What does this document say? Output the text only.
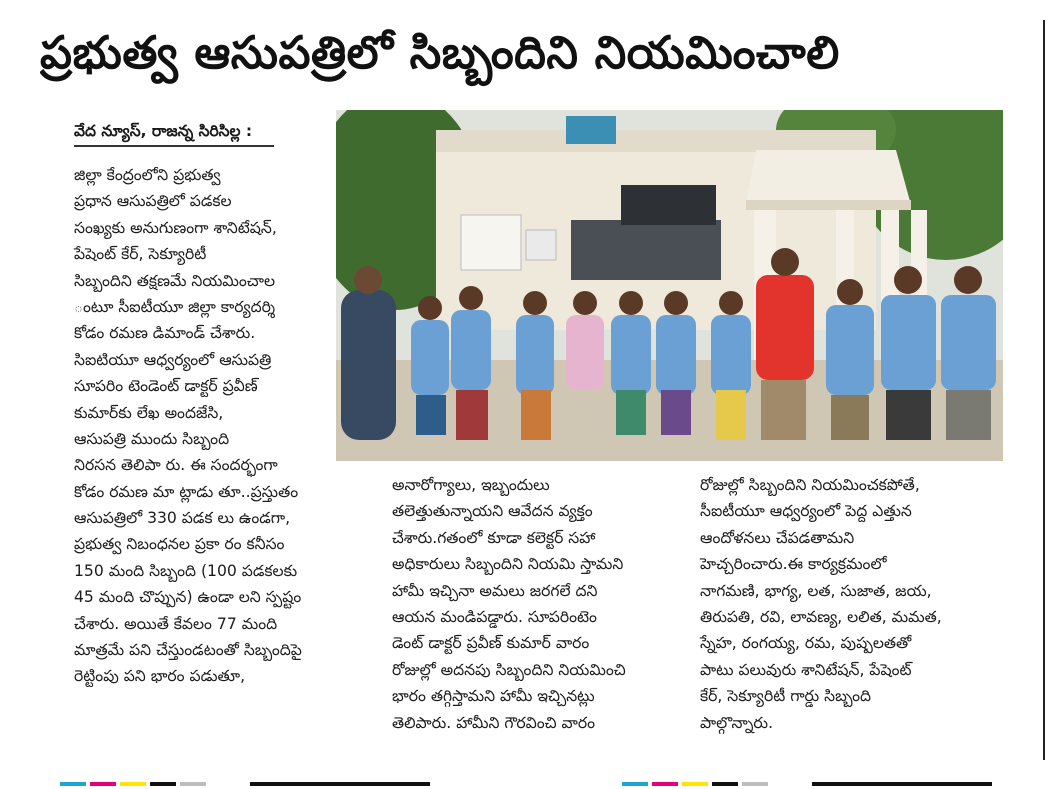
ప్రభుత్వ ఆసుపత్రిలో సిబ్బందిని నియమించాలి
వేద న్యూస్, రాజన్న సిరిసిల్ల :
జిల్లా కేంద్రంలోని ప్రభుత్వ
ప్రధాన ఆసుపత్రిలో పడకల
సంఖ్యకు అనుగుణంగా శానిటేషన్,
పేషెంట్ కేర్, సెక్యూరిటీ
సిబ్బందిని తక్షణమే నియమించాల
ంటూ సీఐటీయూ జిల్లా కార్యదర్శి
కోడం రమణ డిమాండ్ చేశారు.
సిఐటియూ ఆధ్వర్యంలో ఆసుపత్రి
సూపరిం టెండెంట్ డాక్టర్ ప్రవీణ్
కుమార్‌కు లేఖ అందజేసి,
ఆసుపత్రి ముందు సిబ్బంది
నిరసన తెలిపా రు. ఈ సందర్భంగా
కోడం రమణ మా ట్లాడు తూ..ప్రస్తుతం
ఆసుపత్రిలో 330 పడక లు ఉండగా,
ప్రభుత్వ నిబంధనల ప్రకా రం కనీసం
150 మంది సిబ్బంది (100 పడకలకు
45 మంది చొప్పున) ఉండా లని స్పష్టం
చేశారు. అయితే కేవలం 77 మంది
మాత్రమే పని చేస్తుండటంతో సిబ్బందిపై
రెట్టింపు పని భారం పడుతూ,
అనారోగ్యాలు, ఇబ్బందులు
తలెత్తుతున్నాయని ఆవేదన వ్యక్తం
చేశారు.గతంలో కూడా కలెక్టర్ సహా
అధికారులు సిబ్బందిని నియమి స్తామని
హామీ ఇచ్చినా అమలు జరగలే దని
ఆయన మండిపడ్డారు. సూపరింటెం
డెంట్ డాక్టర్ ప్రవీణ్ కుమార్ వారం
రోజుల్లో అదనపు సిబ్బందిని నియమించి
భారం తగ్గిస్తామని హామీ ఇచ్చినట్లు
తెలిపారు. హామీని గౌరవించి వారం
రోజుల్లో సిబ్బందిని నియమించకపోతే,
సీఐటీయూ ఆధ్వర్యంలో పెద్ద ఎత్తున
ఆందోళనలు చేపడతామని
హెచ్చరించారు.ఈ కార్యక్రమంలో
నాగమణి, భాగ్య, లత, సుజాత, జయ,
తిరుపతి, రవి, లావణ్య, లలిత, మమత,
స్నేహ, రంగయ్య, రమ, పుష్పలతతో
పాటు పలువురు శానిటేషన్, పేషెంట్
కేర్, సెక్యూరిటీ గార్డు సిబ్బంది
పాల్గొన్నారు.
